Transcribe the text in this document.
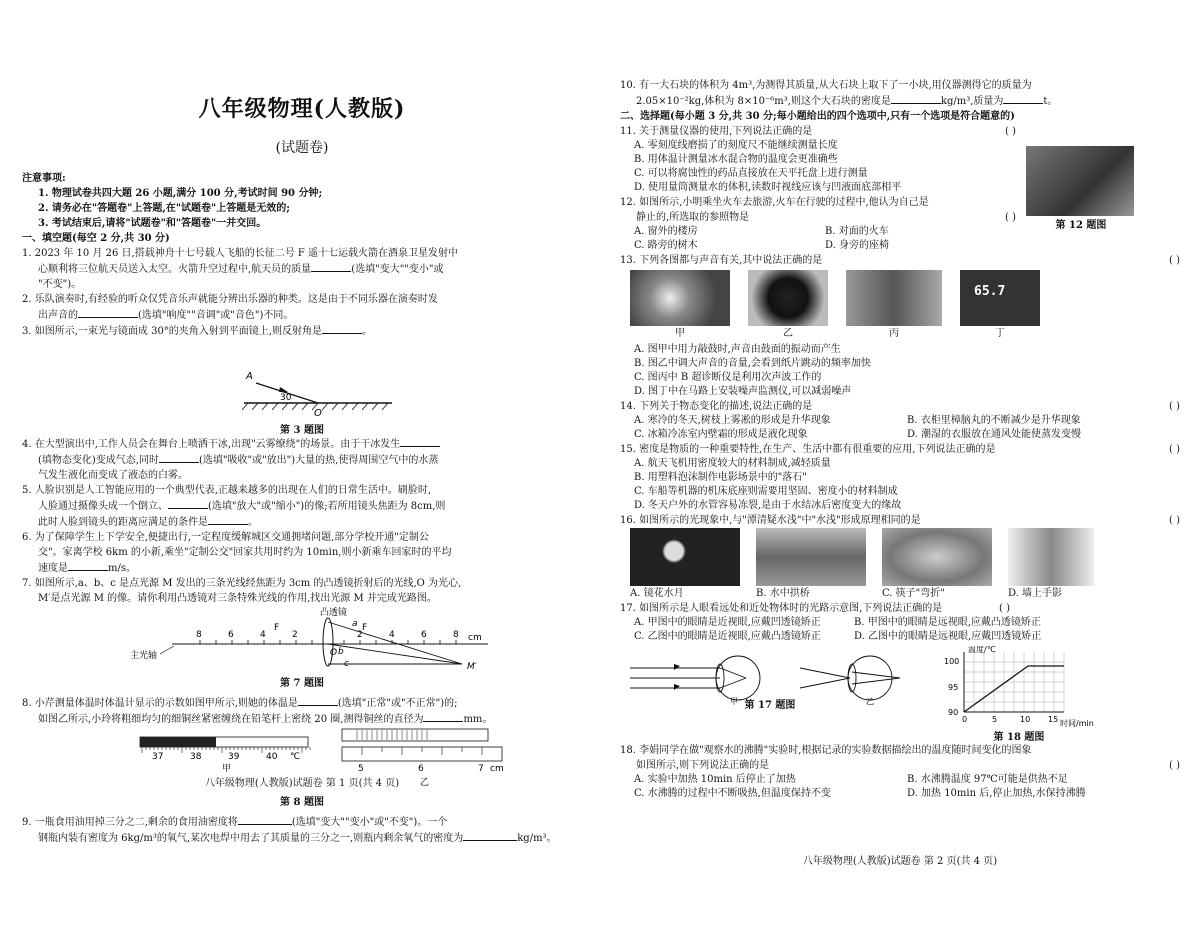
八年级物理(人教版)
(试题卷)
注意事项:
1. 物理试卷共四大题 26 小题,满分 100 分,考试时间 90 分钟;
2. 请务必在"答题卷"上答题,在"试题卷"上答题是无效的;
3. 考试结束后,请将"试题卷"和"答题卷"一并交回。
一、填空题(每空 2 分,共 30 分)
1. 2023 年 10 月 26 日,搭载神舟十七号载人飞船的长征二号 F 遥十七运载火箭在酒泉卫星发射中
心顺利将三位航天员送入太空。火箭升空过程中,航天员的质量	(选填"变大""变小"或
"不变")。
2. 乐队演奏时,有经验的听众仅凭音乐声就能分辨出乐器的种类。这是由于不同乐器在演奏时发
出声音的	(选填"响度""音调"或"音色")不同。
3. 如图所示,一束光与镜面成 30°的夹角入射到平面镜上,则反射角是	。
A
30
O
第 3 题图
4. 在大型演出中,工作人员会在舞台上喷洒干冰,出现"云雾缭绕"的场景。由于干冰发生
(填物态变化)变成气态,同时	(选填"吸收"或"放出")大量的热,使得周围空气中的水蒸
气发生液化而变成了液态的白雾。
5. 人脸识别是人工智能应用的一个典型代表,正越来越多的出现在人们的日常生活中。刷脸时,
人脸通过摄像头成一个倒立、	(选填"放大"或"缩小")的像;若所用镜头焦距为 8cm,则
此时人脸到镜头的距离应满足的条件是	。
6. 为了保障学生上下学安全,便捷出行,一定程度缓解城区交通拥堵问题,部分学校开通"定制公
交"。家离学校 6km 的小新,乘坐"定制公交"回家共用时约为 10min,则小新乘车回家时的平均
速度是	m/s。
7. 如图所示,a、b、c 是点光源 M 发出的三条光线经焦距为 3cm 的凸透镜折射后的光线,O 为光心,
M′是点光源 M 的像。请你利用凸透镜对三条特殊光线的作用,找出光源 M 并完成光路图。
凸透镜
8	6	4	2
O
2	4	6	8 cm
F	F
a
b
c	M′
主光轴
第 7 题图
8. 小芹测量体温时体温计显示的示数如图甲所示,则她的体温是	(选填"正常"或"不正常")的;
如图乙所示,小玲将粗细均匀的细铜丝紧密缠绕在铅笔杆上密绕 20 圈,测得铜丝的直径为	mm。
37	38	39	40 ℃
甲	5	6	7 cm
乙
第 8 题图
9. 一瓶食用油用掉三分之二,剩余的食用油密度将	(选填"变大""变小"或"不变")。一个
钢瓶内装有密度为 6kg/m³的氧气,某次电焊中用去了其质量的三分之一,则瓶内剩余氧气的密度为	kg/m³。
八年级物理(人教版)试题卷 第 1 页(共 4 页)
10. 有一大石块的体积为 4m³,为测得其质量,从大石块上取下了一小块,用仪器测得它的质量为
2.05×10⁻²kg,体积为 8×10⁻⁶m³,则这个大石块的密度是	kg/m³,质量为	t。
二、选择题(每小题 3 分,共 30 分;每小题给出的四个选项中,只有一个选项是符合题意的)
11. 关于测量仪器的使用,下列说法正确的是	( )
A. 零刻度线磨损了的刻度尺不能继续测量长度
B. 用体温计测量冰水混合物的温度会更准确些
C. 可以将腐蚀性的药品直接放在天平托盘上进行测量
D. 使用量筒测量水的体积,读数时视线应该与凹液面底部相平
12. 如图所示,小明乘坐火车去旅游,火车在行驶的过程中,他认为自己是
静止的,所选取的参照物是	( )
A. 窗外的楼房	B. 对面的火车
C. 路旁的树木	D. 身旁的座椅
第 12 题图
13. 下列各图都与声音有关,其中说法正确的是	( )
甲	乙	丙
65.7
丁
A. 图甲中用力敲鼓时,声音由鼓面的振动而产生
B. 图乙中调大声音的音量,会看到纸片跳动的频率加快
C. 图丙中 B 超诊断仪是利用次声波工作的
D. 图丁中在马路上安装噪声监测仪,可以减弱噪声
14. 下列关于物态变化的描述,说法正确的是	( )
A. 寒冷的冬天,树枝上雾凇的形成是升华现象	B. 衣柜里樟脑丸的不断减少是升华现象
C. 冰箱冷冻室内壁霜的形成是液化现象	D. 潮湿的衣服放在通风处能使蒸发变慢
15. 密度是物质的一种重要特性,在生产、生活中都有很重要的应用,下列说法正确的是	( )
A. 航天飞机用密度较大的材料制成,减轻质量
B. 用塑料泡沫制作电影场景中的"落石"
C. 车船等机器的机床底座则需要用坚固、密度小的材料制成
D. 冬天户外的水管容易冻裂,是由于水结冰后密度变大的缘故
16. 如图所示的光现象中,与"潭清疑水浅"中"水浅"形成原理相同的是	( )
A. 镜花水月	B. 水中拱桥	C. 筷子"弯折"	D. 墙上手影
17. 如图所示是人眼看远处和近处物体时的光路示意图,下列说法正确的是	( )
A. 甲图中的眼睛是近视眼,应戴凹透镜矫正	B. 甲图中的眼睛是远视眼,应戴凸透镜矫正
C. 乙图中的眼睛是近视眼,应戴凸透镜矫正	D. 乙图中的眼睛是远视眼,应戴凹透镜矫正
甲	乙
第 17 题图
温度/℃
时间/min
100
95
90
0	5	10 15
第 18 题图
18. 李娟同学在做"观察水的沸腾"实验时,根据记录的实验数据描绘出的温度随时间变化的图象
如图所示,则下列说法正确的是	( )
A. 实验中加热 10min 后停止了加热	B. 水沸腾温度 97℃可能是供热不足
C. 水沸腾的过程中不断吸热,但温度保持不变	D. 加热 10min 后,停止加热,水保持沸腾
八年级物理(人教版)试题卷 第 2 页(共 4 页)
